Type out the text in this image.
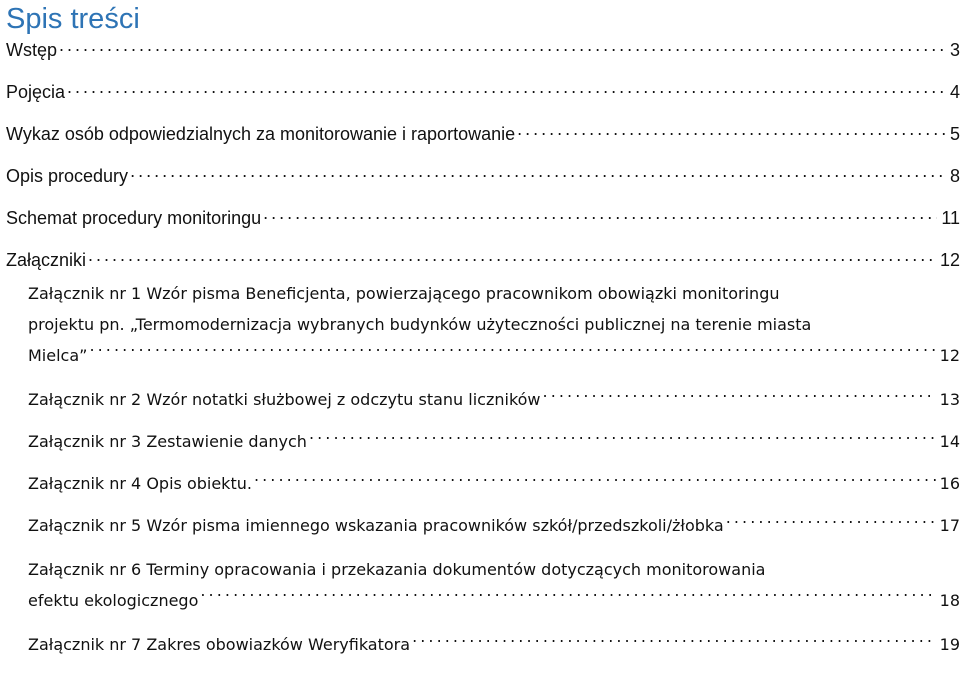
Spis treści
Wstęp . . .	3
Pojęcia . . .	4
Wykaz osób odpowiedzialnych za monitorowanie i raportowanie . . .	5
Opis procedury . . .	8
Schemat procedury monitoringu . . .	11
Załączniki . . .	12
Załącznik nr 1 Wzór pisma Beneficjenta, powierzającego pracownikom obowiązki monitoringu
projektu pn. „Termomodernizacja wybranych budynków użyteczności publicznej na terenie miasta
Mielca” . . .	12
Załącznik nr 2 Wzór notatki służbowej z odczytu stanu liczników . . .	13
Załącznik nr 3 Zestawienie danych . . .	14
Załącznik nr 4 Opis obiektu. . . .	16
Załącznik nr 5 Wzór pisma imiennego wskazania pracowników szkół/przedszkoli/żłobka . . .	17
Załącznik nr 6 Terminy opracowania i przekazania dokumentów dotyczących monitorowania
efektu ekologicznego . . .	18
Załącznik nr 7 Zakres obowiazków Weryfikatora . . .	19
